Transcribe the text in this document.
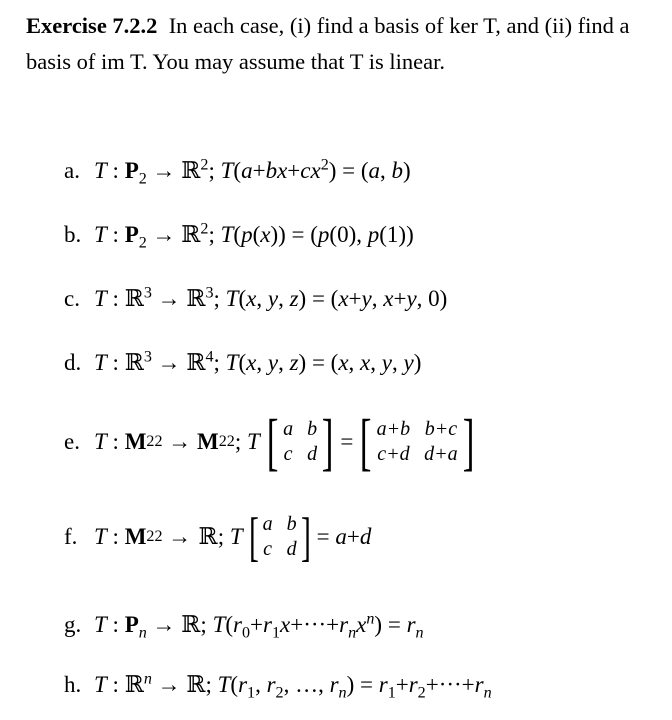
Exercise 7.2.2 In each case, (i) find a basis of ker T, and (ii) find a basis of im T. You may assume that T is linear.
a. T : $P_2$ → ℝ$^2$; $T(a+bx+cx^2) = (a$, b)
b. T : $P_2$ → ℝ$^2$; T(p(x)) = (p(0), p(1))
c. T : ℝ$^3$ → ℝ$^3$; T(x, y, z) = (x+y, x+y, 0)
d. T : ℝ$^3$ → ℝ$^4$; T(x, y, z) = (x, x, y, y)
e. T : M 22 → M 22 ; T [ a b
c d ] = [ a+b b+c
c+d d+a ]
f. T : M 22 → ℝ ; T [ a b
c d ] = a + d
g. T : $P_n$ → ℝ; $T(r_0+r_1x+\cdot\cdot\cdot+r_nx^n) = r_n$
h. T : ℝ$^n$ → ℝ; $T(r_1$, $r_2$, …, $r_n) = r_1+r_2+\cdot\cdot\cdot+r_n$
